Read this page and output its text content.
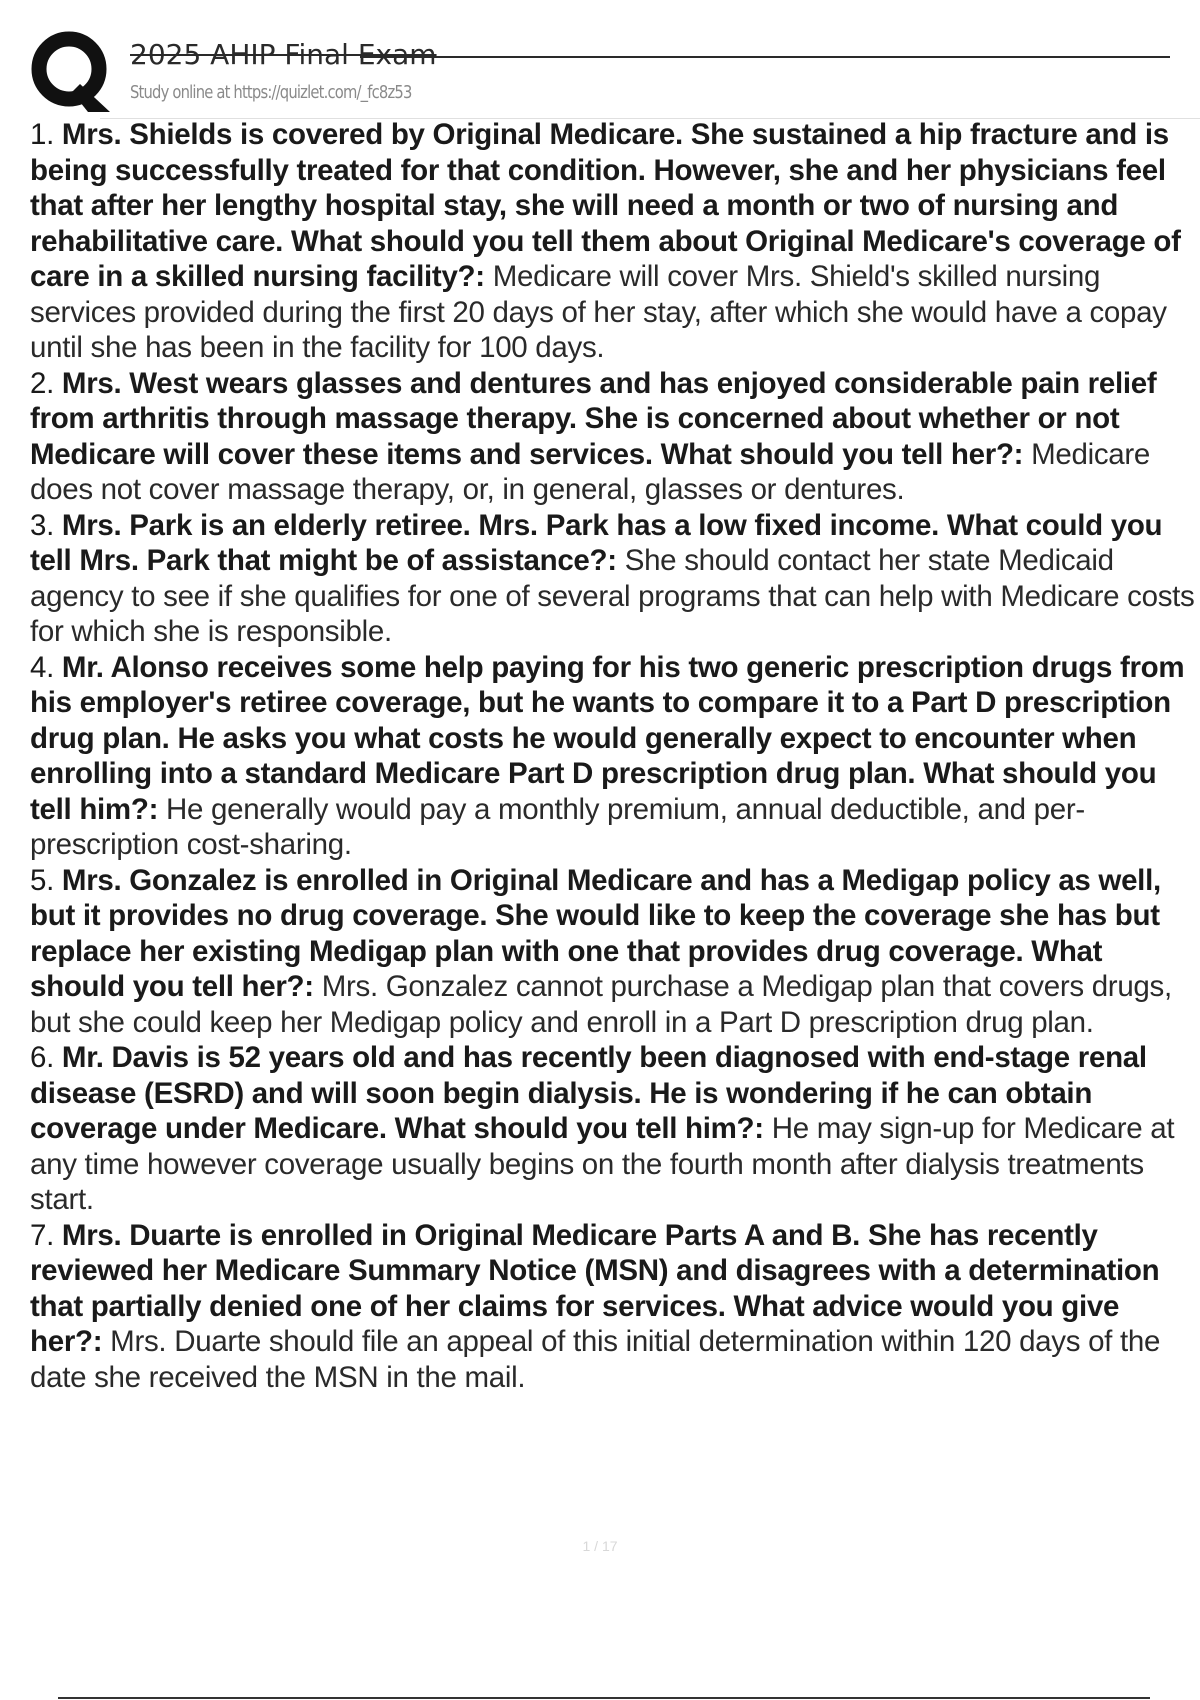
2025 AHIP Final Exam
Study online at https://quizlet.com/_fc8z53
1. Mrs. Shields is covered by Original Medicare. She sustained a hip fracture and is being successfully treated for that condition. However, she and her physicians feel that after her lengthy hospital stay, she will need a month or two of nursing and rehabilitative care. What should you tell them about Original Medicare's coverage of care in a skilled nursing facility?: Medicare will cover Mrs. Shield's skilled nursing services provided during the first 20 days of her stay, after which she would have a copay until she has been in the facility for 100 days.
2. Mrs. West wears glasses and dentures and has enjoyed considerable pain relief from arthritis through massage therapy. She is concerned about whether or not Medicare will cover these items and services. What should you tell her?: Medicare does not cover massage therapy, or, in general, glasses or dentures.
3. Mrs. Park is an elderly retiree. Mrs. Park has a low fixed income. What could you tell Mrs. Park that might be of assistance?: She should contact her state Medicaid agency to see if she qualifies for one of several programs that can help with Medicare costs for which she is responsible.
4. Mr. Alonso receives some help paying for his two generic prescription drugs from his employer's retiree coverage, but he wants to compare it to a Part D prescription drug plan. He asks you what costs he would generally expect to encounter when enrolling into a standard Medicare Part D prescription drug plan. What should you tell him?: He generally would pay a monthly premium, annual deductible, and per-prescription cost-sharing.
5. Mrs. Gonzalez is enrolled in Original Medicare and has a Medigap policy as well, but it provides no drug coverage. She would like to keep the coverage she has but replace her existing Medigap plan with one that provides drug coverage. What should you tell her?: Mrs. Gonzalez cannot purchase a Medigap plan that covers drugs, but she could keep her Medigap policy and enroll in a Part D prescription drug plan.
6. Mr. Davis is 52 years old and has recently been diagnosed with end-stage renal disease (ESRD) and will soon begin dialysis. He is wondering if he can obtain coverage under Medicare. What should you tell him?: He may sign-up for Medicare at any time however coverage usually begins on the fourth month after dialysis treatments start.
7. Mrs. Duarte is enrolled in Original Medicare Parts A and B. She has recently reviewed her Medicare Summary Notice (MSN) and disagrees with a determination that partially denied one of her claims for services. What advice would you give her?: Mrs. Duarte should file an appeal of this initial determination within 120 days of the date she received the MSN in the mail.
1 / 17
